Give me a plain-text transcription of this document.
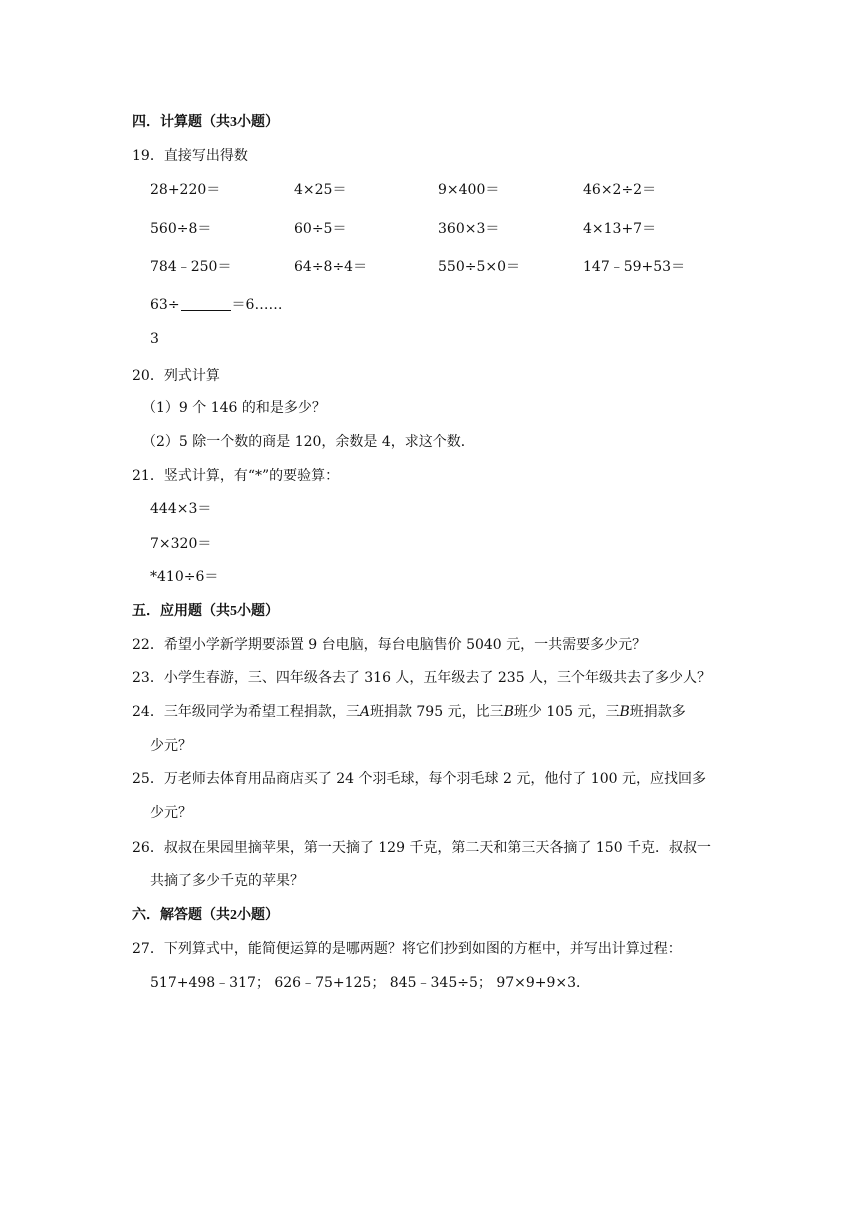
四．计算题（共3小题）
19．直接写出得数
28+220＝	4×25＝	9×400＝	46×2÷2＝
560÷8＝	60÷5＝	360×3＝	4×13+7＝
784﹣250＝	64÷8÷4＝	550÷5×0＝	147﹣59+53＝
63÷	＝6……
3
20．列式计算
（1）9 个 146 的和是多少？
（2）5 除一个数的商是 120，余数是 4，求这个数．
21．竖式计算，有“*”的要验算：
444×3＝
7×320＝
*410÷6＝
五．应用题（共5小题）
22．希望小学新学期要添置 9 台电脑，每台电脑售价 5040 元，一共需要多少元？
23．小学生春游，三、四年级各去了 316 人，五年级去了 235 人，三个年级共去了多少人？
24．三年级同学为希望工程捐款，三A班捐款 795 元，比三B班少 105 元，三B班捐款多
少元？
25．万老师去体育用品商店买了 24 个羽毛球，每个羽毛球 2 元，他付了 100 元，应找回多
少元？
26．叔叔在果园里摘苹果，第一天摘了 129 千克，第二天和第三天各摘了 150 千克．叔叔一
共摘了多少千克的苹果？
六．解答题（共2小题）
27．下列算式中，能简便运算的是哪两题？将它们抄到如图的方框中，并写出计算过程：
517+498﹣317； 626﹣75+125； 845﹣345÷5； 97×9+9×3．
